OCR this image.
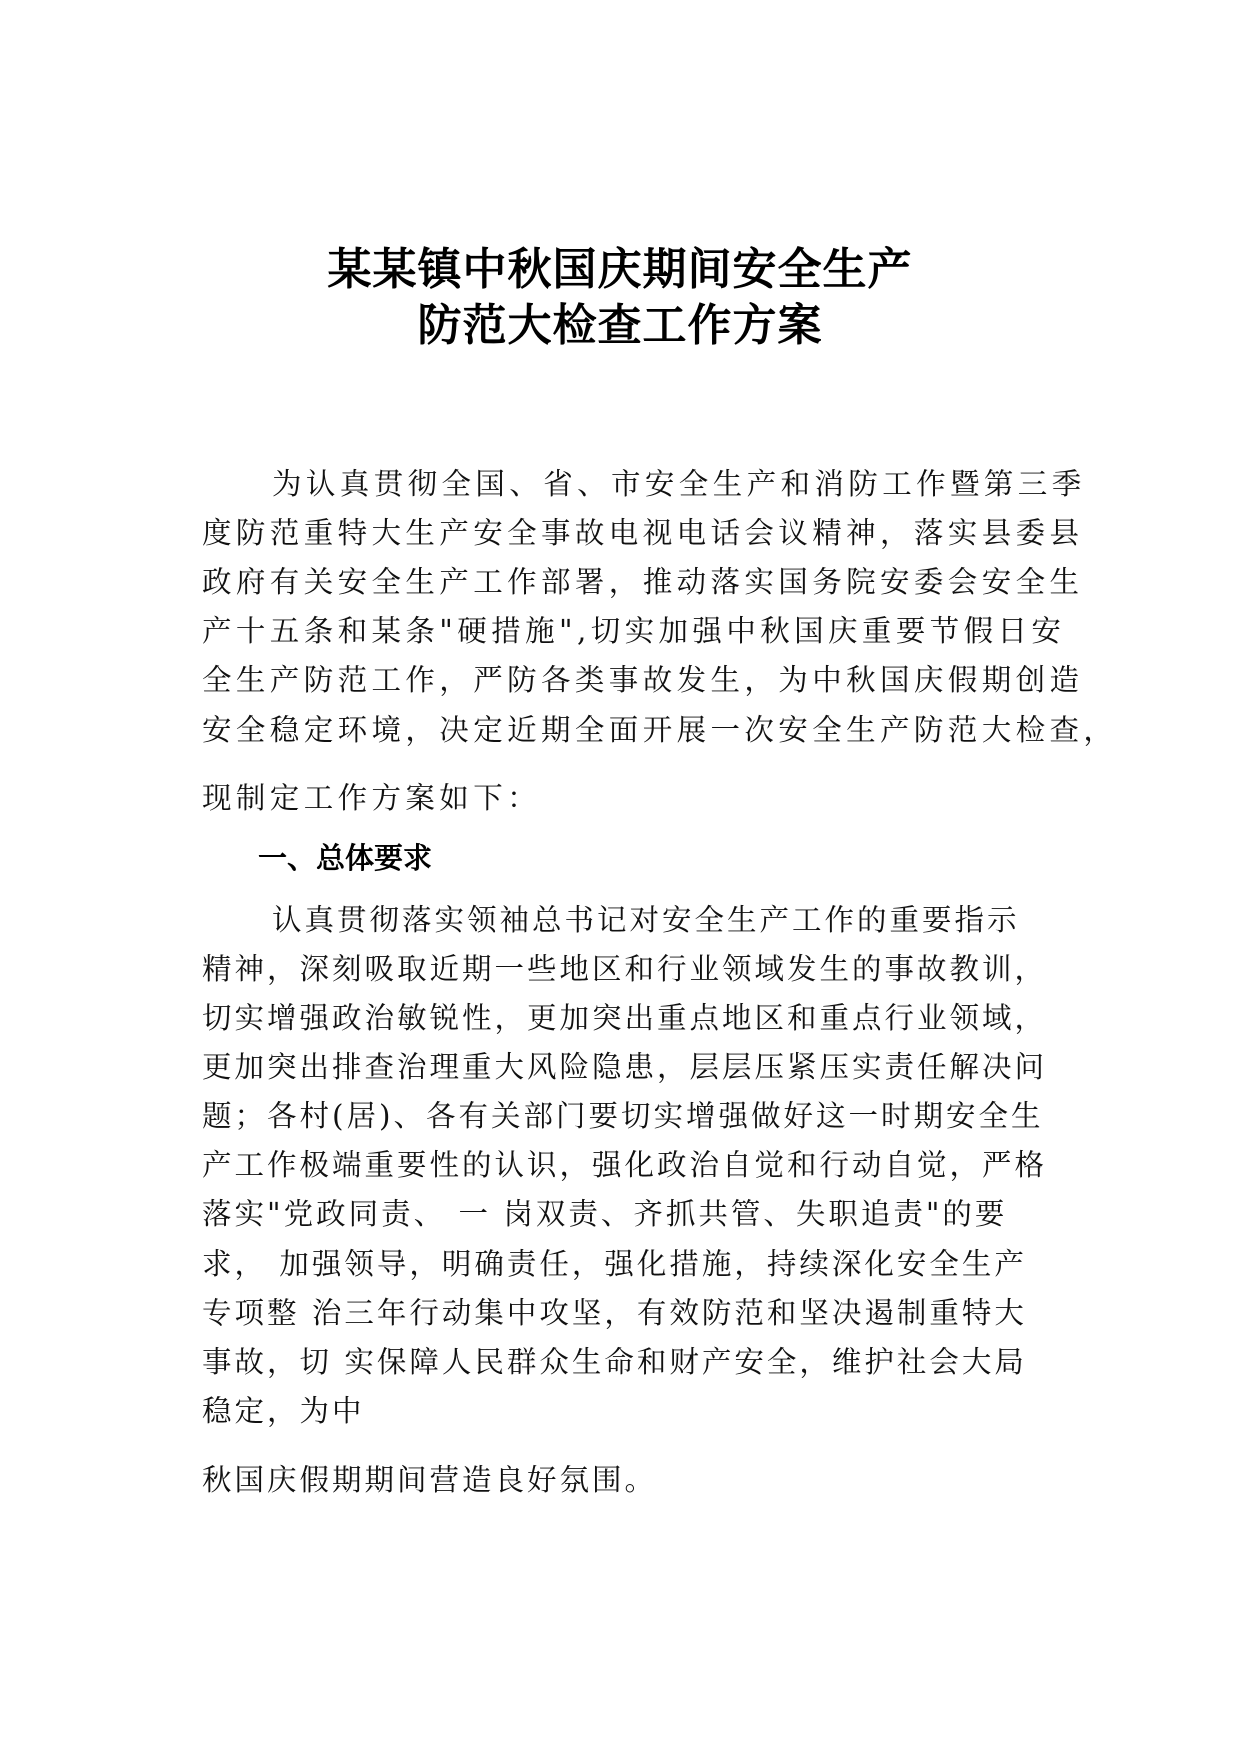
某某镇中秋国庆期间安全生产
防范大检查工作方案

为认真贯彻全国、省、市安全生产和消防工作暨第三季

度防范重特大生产安全事故电视电话会议精神，落实县委县

政府有关安全生产工作部署，推动落实国务院安委会安全生

产十五条和某条"硬措施",切实加强中秋国庆重要节假日安

全生产防范工作，严防各类事故发生，为中秋国庆假期创造

安全稳定环境，决定近期全面开展一次安全生产防范大检查，

现制定工作方案如下：

一、总体要求

认真贯彻落实领袖总书记对安全生产工作的重要指示

精神，深刻吸取近期一些地区和行业领域发生的事故教训，

切实增强政治敏锐性，更加突出重点地区和重点行业领域，

更加突出排查治理重大风险隐患，层层压紧压实责任解决问

题；各村(居)、各有关部门要切实增强做好这一时期安全生

产工作极端重要性的认识，强化政治自觉和行动自觉，严格

落实"党政同责、 一 岗双责、齐抓共管、失职追责"的要

求， 加强领导，明确责任，强化措施，持续深化安全生产

专项整 治三年行动集中攻坚，有效防范和坚决遏制重特大

事故，切 实保障人民群众生命和财产安全，维护社会大局

稳定，为中

秋国庆假期期间营造良好氛围。
